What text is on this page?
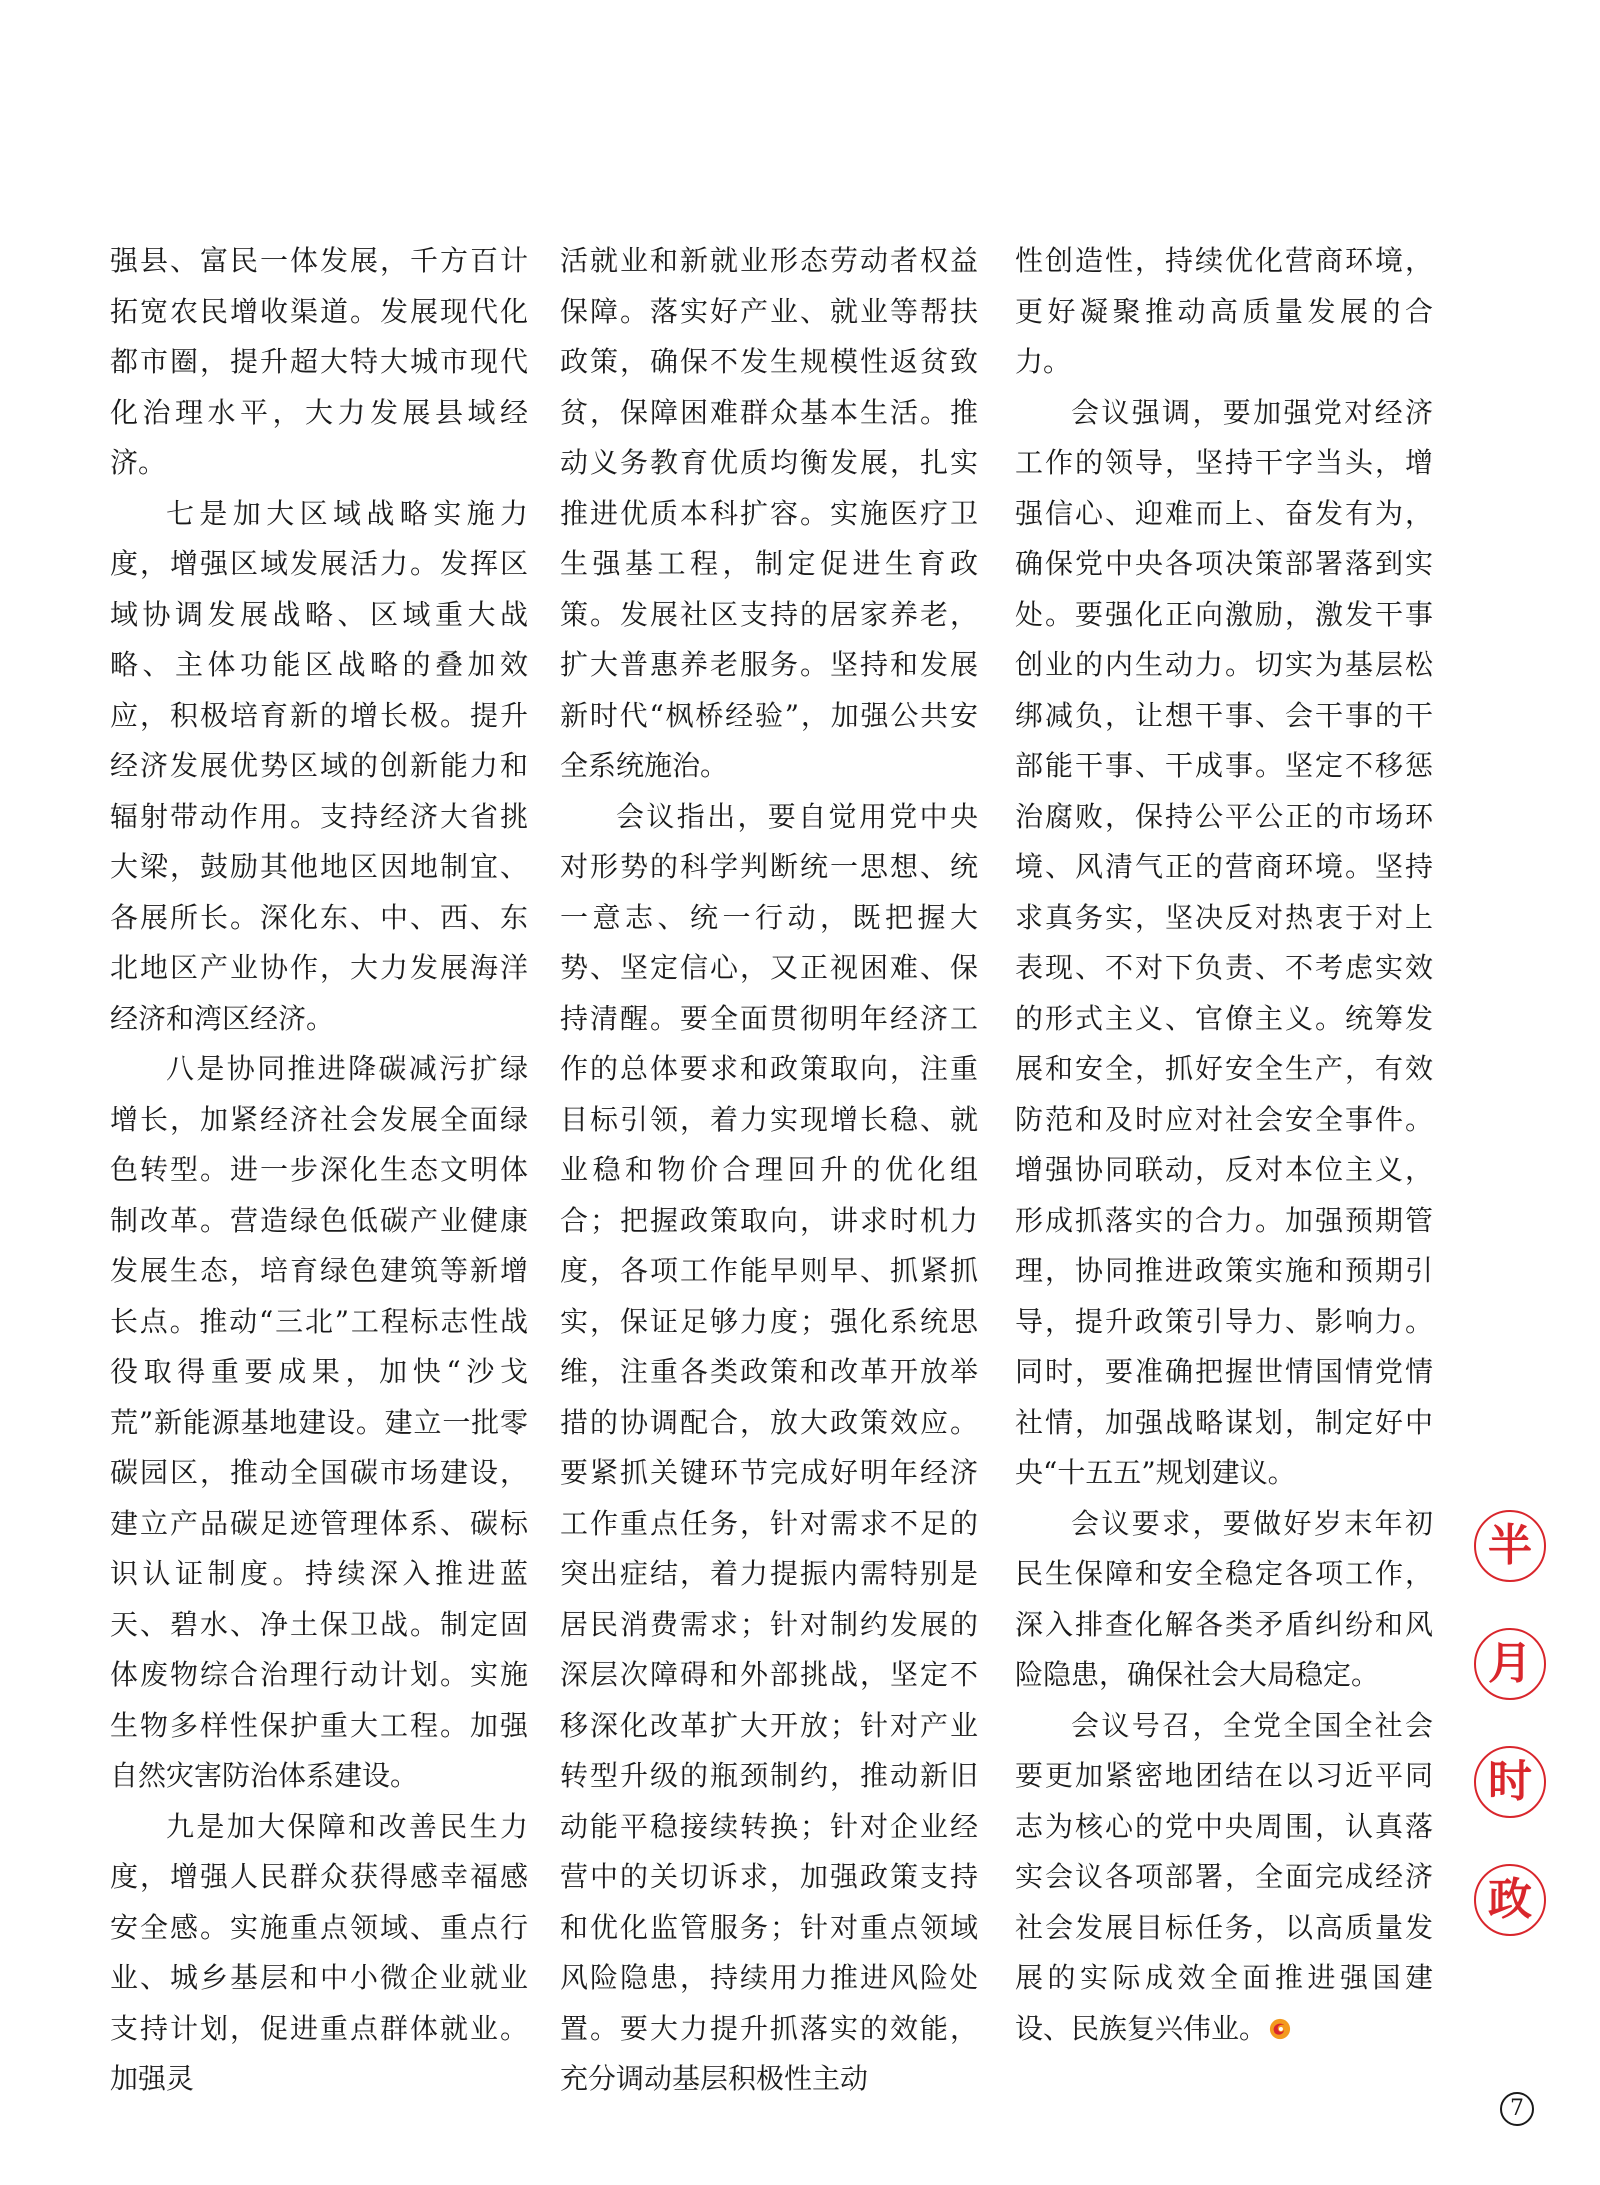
强县、富民一体发展，千方百计拓宽农民增收渠道。发展现代化都市圈，提升超大特大城市现代化治理水平，大力发展县域经济。

七是加大区域战略实施力度，增强区域发展活力。发挥区域协调发展战略、区域重大战略、主体功能区战略的叠加效应，积极培育新的增长极。提升经济发展优势区域的创新能力和辐射带动作用。支持经济大省挑大梁，鼓励其他地区因地制宜、各展所长。深化东、中、西、东北地区产业协作，大力发展海洋经济和湾区经济。

八是协同推进降碳减污扩绿增长，加紧经济社会发展全面绿色转型。进一步深化生态文明体制改革。营造绿色低碳产业健康发展生态，培育绿色建筑等新增长点。推动“三北”工程标志性战役取得重要成果，加快“沙戈荒”新能源基地建设。建立一批零碳园区，推动全国碳市场建设，建立产品碳足迹管理体系、碳标识认证制度。持续深入推进蓝天、碧水、净土保卫战。制定固体废物综合治理行动计划。实施生物多样性保护重大工程。加强自然灾害防治体系建设。

九是加大保障和改善民生力度，增强人民群众获得感幸福感安全感。实施重点领域、重点行业、城乡基层和中小微企业就业支持计划，促进重点群体就业。加强灵

活就业和新就业形态劳动者权益保障。落实好产业、就业等帮扶政策，确保不发生规模性返贫致贫，保障困难群众基本生活。推动义务教育优质均衡发展，扎实推进优质本科扩容。实施医疗卫生强基工程，制定促进生育政策。发展社区支持的居家养老，扩大普惠养老服务。坚持和发展新时代“枫桥经验”，加强公共安全系统施治。

会议指出，要自觉用党中央对形势的科学判断统一思想、统一意志、统一行动，既把握大势、坚定信心，又正视困难、保持清醒。要全面贯彻明年经济工作的总体要求和政策取向，注重目标引领，着力实现增长稳、就业稳和物价合理回升的优化组合；把握政策取向，讲求时机力度，各项工作能早则早、抓紧抓实，保证足够力度；强化系统思维，注重各类政策和改革开放举措的协调配合，放大政策效应。要紧抓关键环节完成好明年经济工作重点任务，针对需求不足的突出症结，着力提振内需特别是居民消费需求；针对制约发展的深层次障碍和外部挑战，坚定不移深化改革扩大开放；针对产业转型升级的瓶颈制约，推动新旧动能平稳接续转换；针对企业经营中的关切诉求，加强政策支持和优化监管服务；针对重点领域风险隐患，持续用力推进风险处置。要大力提升抓落实的效能，充分调动基层积极性主动

性创造性，持续优化营商环境，更好凝聚推动高质量发展的合力。

会议强调，要加强党对经济工作的领导，坚持干字当头，增强信心、迎难而上、奋发有为，确保党中央各项决策部署落到实处。要强化正向激励，激发干事创业的内生动力。切实为基层松绑减负，让想干事、会干事的干部能干事、干成事。坚定不移惩治腐败，保持公平公正的市场环境、风清气正的营商环境。坚持求真务实，坚决反对热衷于对上表现、不对下负责、不考虑实效的形式主义、官僚主义。统筹发展和安全，抓好安全生产，有效防范和及时应对社会安全事件。增强协同联动，反对本位主义，形成抓落实的合力。加强预期管理，协同推进政策实施和预期引导，提升政策引导力、影响力。同时，要准确把握世情国情党情社情，加强战略谋划，制定好中央“十五五”规划建议。

会议要求，要做好岁末年初民生保障和安全稳定各项工作，深入排查化解各类矛盾纠纷和风险隐患，确保社会大局稳定。

会议号召，全党全国全社会要更加紧密地团结在以习近平同志为核心的党中央周围，认真落实会议各项部署，全面完成经济社会发展目标任务，以高质量发展的实际成效全面推进强国建设、民族复兴伟业。

半
月
时
政
7
